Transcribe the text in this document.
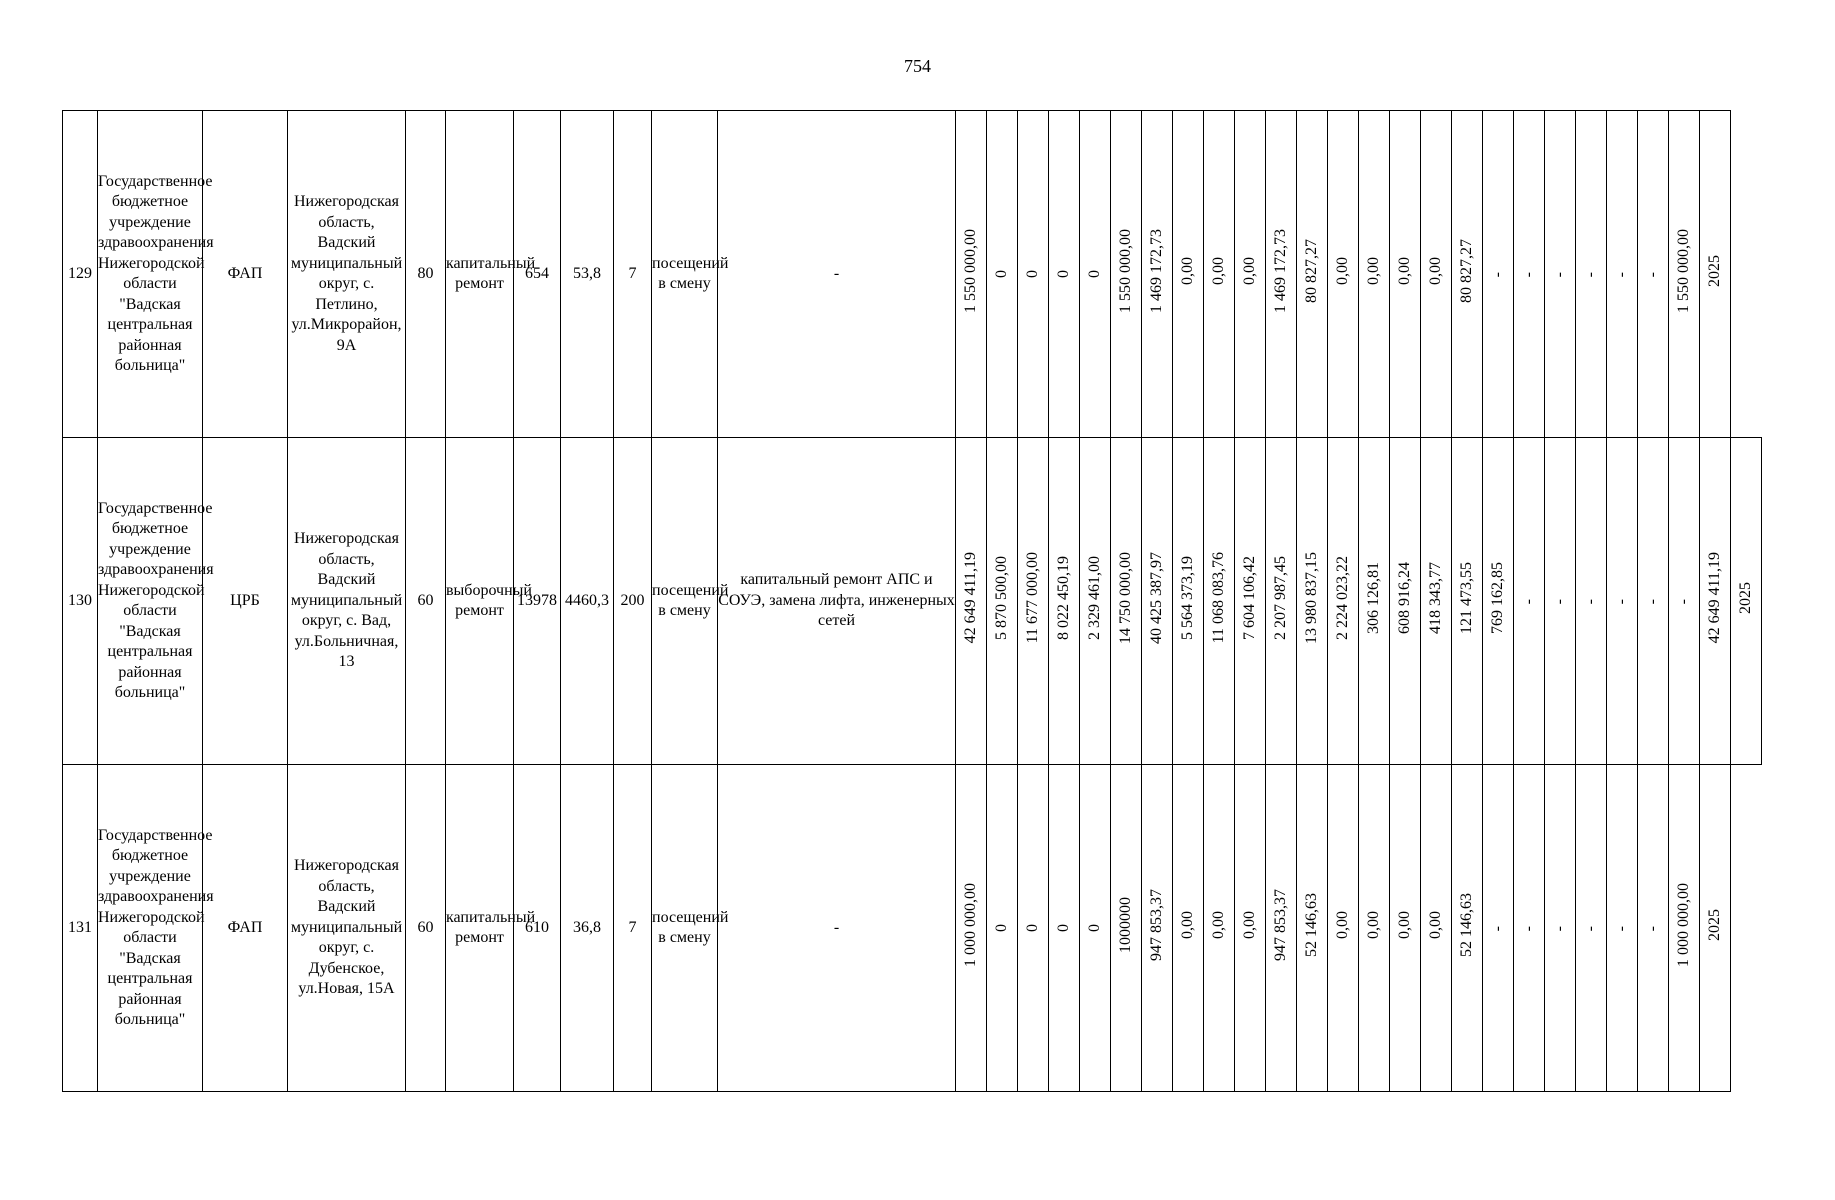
754
129	Государственное бюджетное учреждение здравоохранения Нижегородской области "Вадская центральная районная больница"	ФАП	Нижегородская область, Вадский муниципальный округ, с. Петлино, ул.Микрорайон, 9А	80	капитальный ремонт	654	53,8	7	посещений в смену	-	1 550 000,00	0	0	0	0	1 550 000,00	1 469 172,73	0,00	0,00	0,00	1 469 172,73	80 827,27	0,00	0,00	0,00	0,00	80 827,27	-	-	-	-	-	-	1 550 000,00	2025	
130	Государственное бюджетное учреждение здравоохранения Нижегородской области "Вадская центральная районная больница"	ЦРБ	Нижегородская область, Вадский муниципальный округ, с. Вад, ул.Больничная, 13	60	выборочный ремонт	13978	4460,3	200	посещений в смену	капитальный ремонт АПС и СОУЭ, замена лифта, инженерных сетей	42 649 411,19	5 870 500,00	11 677 000,00	8 022 450,19	2 329 461,00	14 750 000,00	40 425 387,97	5 564 373,19	11 068 083,76	7 604 106,42	2 207 987,45	13 980 837,15	2 224 023,22	306 126,81	608 916,24	418 343,77	121 473,55	769 162,85	-	-	-	-	-	-	42 649 411,19	2025
131	Государственное бюджетное учреждение здравоохранения Нижегородской области "Вадская центральная районная больница"	ФАП	Нижегородская область, Вадский муниципальный округ, с. Дубенское, ул.Новая, 15А	60	капитальный ремонт	610	36,8	7	посещений в смену	-	1 000 000,00	0	0	0	0	1000000	947 853,37	0,00	0,00	0,00	947 853,37	52 146,63	0,00	0,00	0,00	0,00	52 146,63	-	-	-	-	-	-	1 000 000,00	2025	
